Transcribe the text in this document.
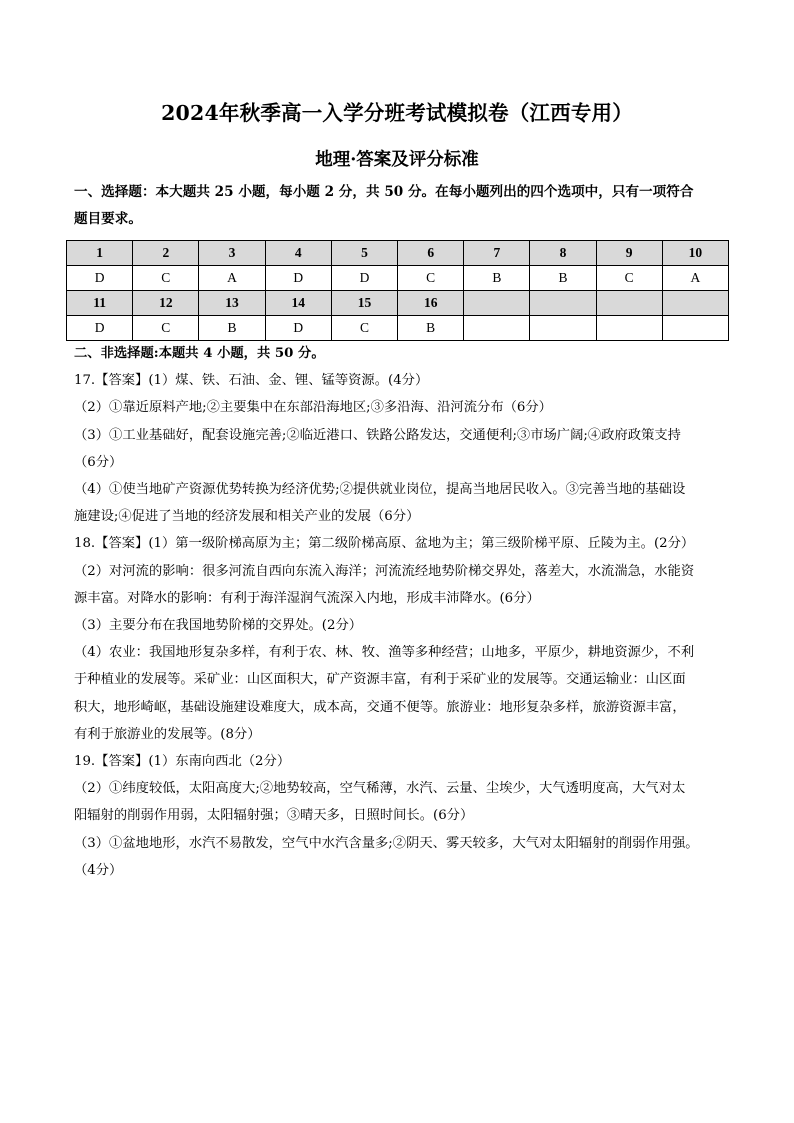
2024年秋季高一入学分班考试模拟卷（江西专用）
地理·答案及评分标准
一、选择题：本大题共 25 小题，每小题 2 分，共 50 分。在每小题列出的四个选项中，只有一项符合
题目要求。
1	2	3	4	5	6	7	8	9	10
D	C	A	D	D	C	B	B	C	A
11	12	13	14	15	16				
D	C	B	D	C	B				
二、非选择题:本题共 4 小题，共 50 分。
17.【答案】(1）煤、铁、石油、金、锂、锰等资源。(4分）
（2）①靠近原料产地;②主要集中在东部沿海地区;③多沿海、沿河流分布（6分）
（3）①工业基础好，配套设施完善;②临近港口、铁路公路发达，交通便利;③市场广阔;④政府政策支持
（6分）
（4）①使当地矿产资源优势转换为经济优势;②提供就业岗位，提高当地居民收入。③完善当地的基础设
施建设;④促进了当地的经济发展和相关产业的发展（6分）
18.【答案】(1）第一级阶梯高原为主；第二级阶梯高原、盆地为主；第三级阶梯平原、丘陵为主。(2分）
（2）对河流的影响：很多河流自西向东流入海洋；河流流经地势阶梯交界处，落差大，水流湍急，水能资
源丰富。对降水的影响：有利于海洋湿润气流深入内地，形成丰沛降水。(6分）
（3）主要分布在我国地势阶梯的交界处。(2分）
（4）农业：我国地形复杂多样，有利于农、林、牧、渔等多种经营；山地多，平原少，耕地资源少，不利
于种植业的发展等。采矿业：山区面积大，矿产资源丰富，有利于采矿业的发展等。交通运输业：山区面
积大，地形崎岖，基础设施建设难度大，成本高，交通不便等。旅游业：地形复杂多样，旅游资源丰富，
有利于旅游业的发展等。(8分）
19.【答案】(1）东南向西北（2分）
（2）①纬度较低，太阳高度大;②地势较高，空气稀薄，水汽、云量、尘埃少，大气透明度高，大气对太
阳辐射的削弱作用弱，太阳辐射强；③晴天多，日照时间长。(6分）
（3）①盆地地形，水汽不易散发，空气中水汽含量多;②阴天、雾天较多，大气对太阳辐射的削弱作用强。
（4分）
